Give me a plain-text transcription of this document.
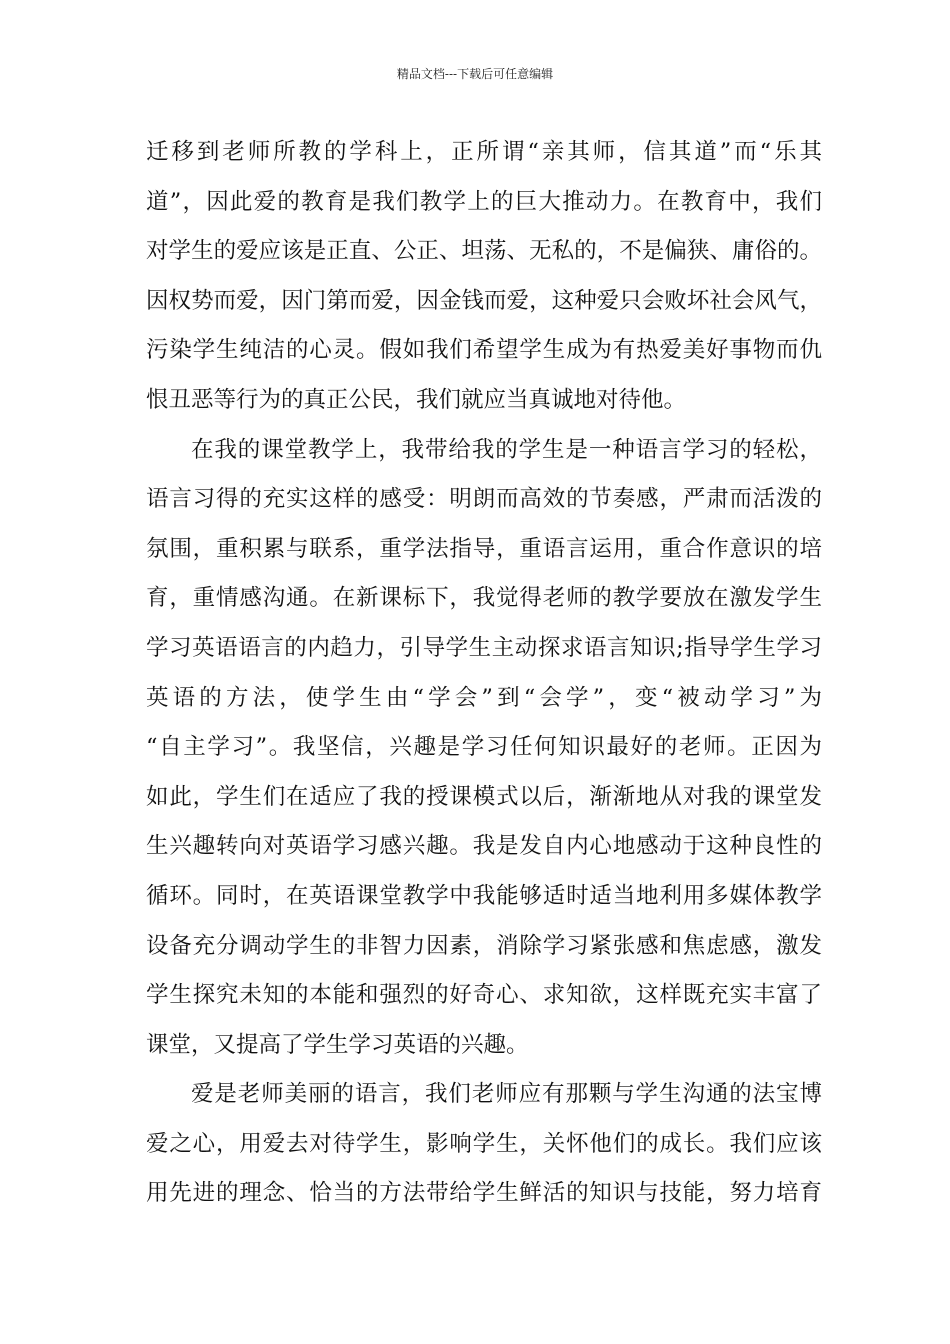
精品文档---下载后可任意编辑
迁移到老师所教的学科上，正所谓“亲其师，信其道”而“乐其
道”，因此爱的教育是我们教学上的巨大推动力。在教育中，我们
对学生的爱应该是正直、公正、坦荡、无私的，不是偏狭、庸俗的。
因权势而爱，因门第而爱，因金钱而爱，这种爱只会败坏社会风气，
污染学生纯洁的心灵。假如我们希望学生成为有热爱美好事物而仇
恨丑恶等行为的真正公民，我们就应当真诚地对待他。
在我的课堂教学上，我带给我的学生是一种语言学习的轻松，
语言习得的充实这样的感受：明朗而高效的节奏感，严肃而活泼的
氛围，重积累与联系，重学法指导，重语言运用，重合作意识的培
育，重情感沟通。在新课标下，我觉得老师的教学要放在激发学生
学习英语语言的内趋力，引导学生主动探求语言知识;指导学生学习
英语的方法，使学生由“学会”到“会学”，变“被动学习”为
“自主学习”。我坚信，兴趣是学习任何知识最好的老师。正因为
如此，学生们在适应了我的授课模式以后，渐渐地从对我的课堂发
生兴趣转向对英语学习感兴趣。我是发自内心地感动于这种良性的
循环。同时，在英语课堂教学中我能够适时适当地利用多媒体教学
设备充分调动学生的非智力因素，消除学习紧张感和焦虑感，激发
学生探究未知的本能和强烈的好奇心、求知欲，这样既充实丰富了
课堂，又提高了学生学习英语的兴趣。
爱是老师美丽的语言，我们老师应有那颗与学生沟通的法宝博
爱之心，用爱去对待学生，影响学生，关怀他们的成长。我们应该
用先进的理念、恰当的方法带给学生鲜活的知识与技能，努力培育
